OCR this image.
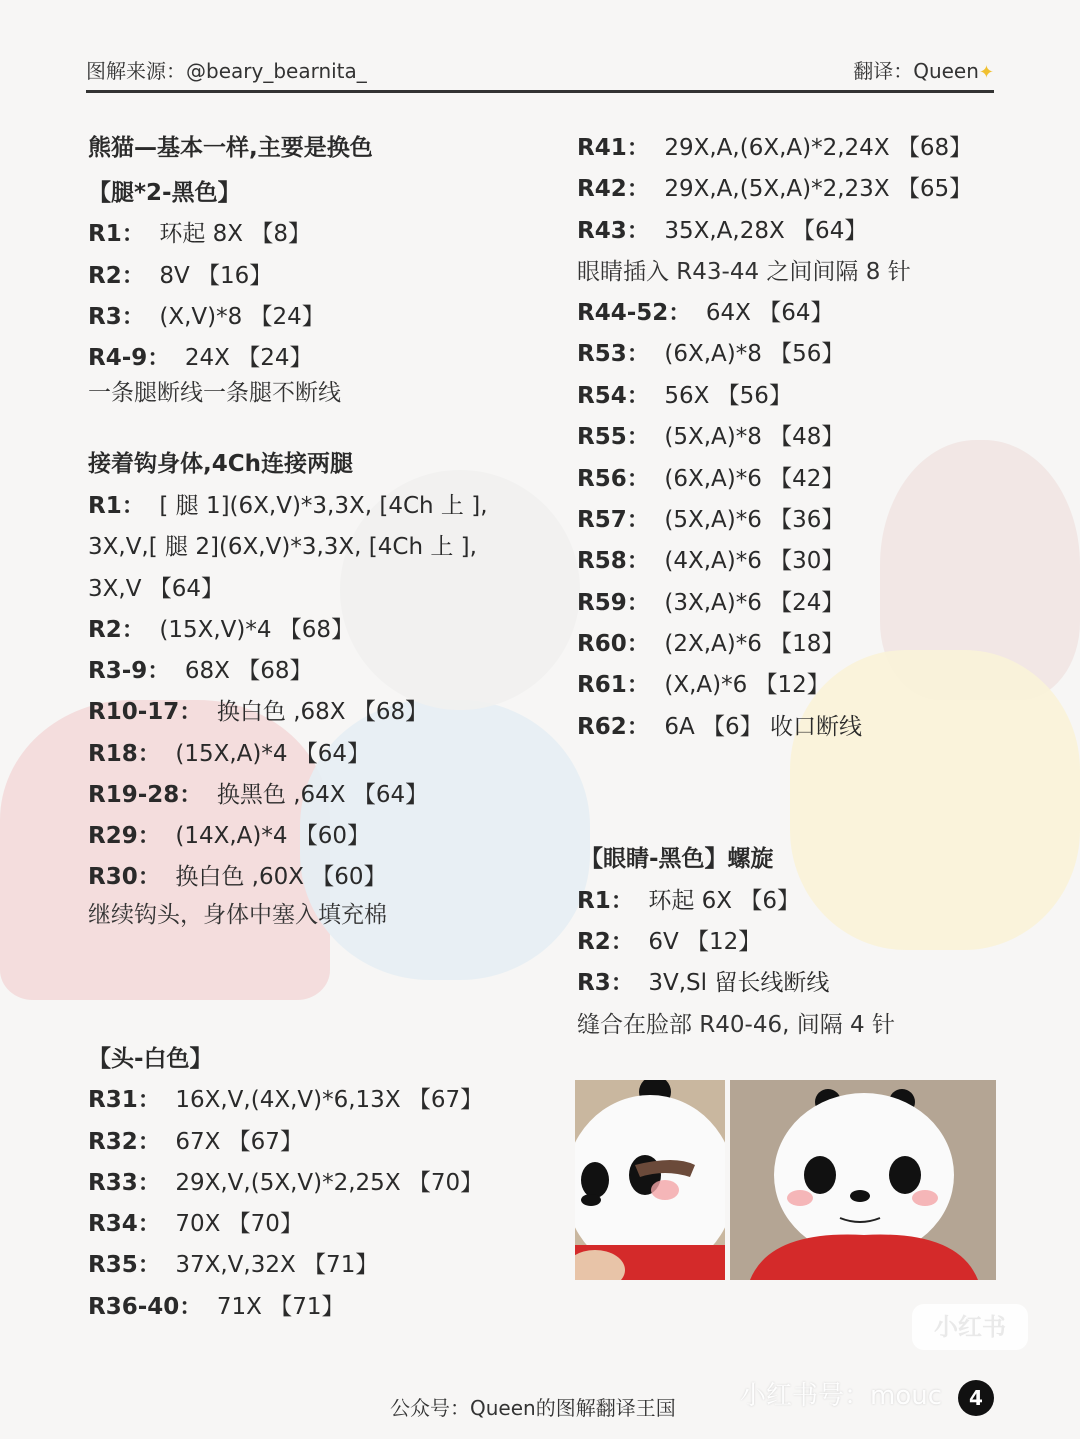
图解来源：@beary_bearnita_	翻译：Queen✦
熊猫—基本一样,主要是换色
【腿*2-黑色】
R1： 环起 8X 【8】
R2： 8V 【16】
R3： (X,V)*8 【24】
R4-9： 24X 【24】
一条腿断线一条腿不断线
接着钩身体,4Ch连接两腿
R1： [ 腿 1](6X,V)*3,3X, [4Ch 上 ],
3X,V,[ 腿 2](6X,V)*3,3X, [4Ch 上 ],
3X,V 【64】
R2： (15X,V)*4 【68】
R3-9： 68X 【68】
R10-17： 换白色 ,68X 【68】
R18： (15X,A)*4 【64】
R19-28： 换黑色 ,64X 【64】
R29： (14X,A)*4 【60】
R30： 换白色 ,60X 【60】
继续钩头，身体中塞入填充棉
【头-白色】
R31： 16X,V,(4X,V)*6,13X 【67】
R32： 67X 【67】
R33： 29X,V,(5X,V)*2,25X 【70】
R34： 70X 【70】
R35： 37X,V,32X 【71】
R36-40： 71X 【71】
R41： 29X,A,(6X,A)*2,24X 【68】
R42： 29X,A,(5X,A)*2,23X 【65】
R43： 35X,A,28X 【64】
眼睛插入 R43-44 之间间隔 8 针
R44-52： 64X 【64】
R53： (6X,A)*8 【56】
R54： 56X 【56】
R55： (5X,A)*8 【48】
R56： (6X,A)*6 【42】
R57： (5X,A)*6 【36】
R58： (4X,A)*6 【30】
R59： (3X,A)*6 【24】
R60： (2X,A)*6 【18】
R61： (X,A)*6 【12】
R62： 6A 【6】 收口断线
【眼睛-黑色】螺旋
R1： 环起 6X 【6】
R2： 6V 【12】
R3： 3V,Sl 留长线断线
缝合在脸部 R40-46, 间隔 4 针
公众号：Queen的图解翻译王国
小红书
小红书号：mouc	4
